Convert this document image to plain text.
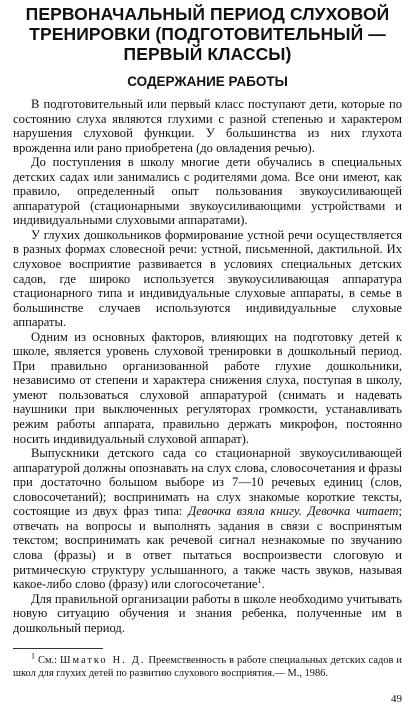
ПЕРВОНАЧАЛЬНЫЙ ПЕРИОД СЛУХОВОЙ ТРЕНИРОВКИ (ПОДГОТОВИТЕЛЬНЫЙ — ПЕРВЫЙ КЛАССЫ)
СОДЕРЖАНИЕ РАБОТЫ

В подготовительный или первый класс поступают дети, которые по состоянию слуха являются глухими с разной степенью и характером нарушения слуховой функции. У большинства из них глухота врожденна или рано приобретена (до овладения речью).

До поступления в школу многие дети обучались в специальных детских садах или занимались с родителями дома. Все они имеют, как правило, определенный опыт пользования звукоусиливающей аппаратурой (стационарными звукоусиливающими устройствами и индивидуальными слуховыми аппаратами).

У глухих дошкольников формирование устной речи осуществляется в разных формах словесной речи: устной, письменной, дактильной. Их слуховое восприятие развивается в условиях специальных детских садов, где широко используется звукоусиливающая аппаратура стационарного типа и индивидуальные слуховые аппараты, в семье в большинстве случаев используются индивидуальные слуховые аппараты.

Одним из основных факторов, влияющих на подготовку детей к школе, является уровень слуховой тренировки в дошкольный период. При правильно организованной работе глухие дошкольники, независимо от степени и характера снижения слуха, поступая в школу, умеют пользоваться слуховой аппаратурой (снимать и надевать наушники при выключенных регуляторах громкости, устанавливать режим работы аппарата, правильно держать микрофон, постоянно носить индивидуальный слуховой аппарат).

Выпускники детского сада со стационарной звукоусиливающей аппаратурой должны опознавать на слух слова, словосочетания и фразы при достаточно большом выборе из 7—10 речевых единиц (слов, словосочетаний); воспринимать на слух знакомые короткие тексты, состоящие из двух фраз типа: Девочка взяла книгу. Девочка читает; отвечать на вопросы и выполнять задания в связи с воспринятым текстом; воспринимать как речевой сигнал незнакомые по звучанию слова (фразы) и в ответ пытаться воспроизвести слоговую и ритмическую структуру услышанного, а также часть звуков, называя какое-либо слово (фразу) или слогосочетание$^1$.

Для правильной организации работы в школе необходимо учитывать новую ситуацию обучения и знания ребенка, полученные им в дошкольный период.

$^1$ См.: Шматко Н. Д. Преемственность в работе специальных детских садов и школ для глухих детей по развитию слухового восприятия.— М., 1986.

49
